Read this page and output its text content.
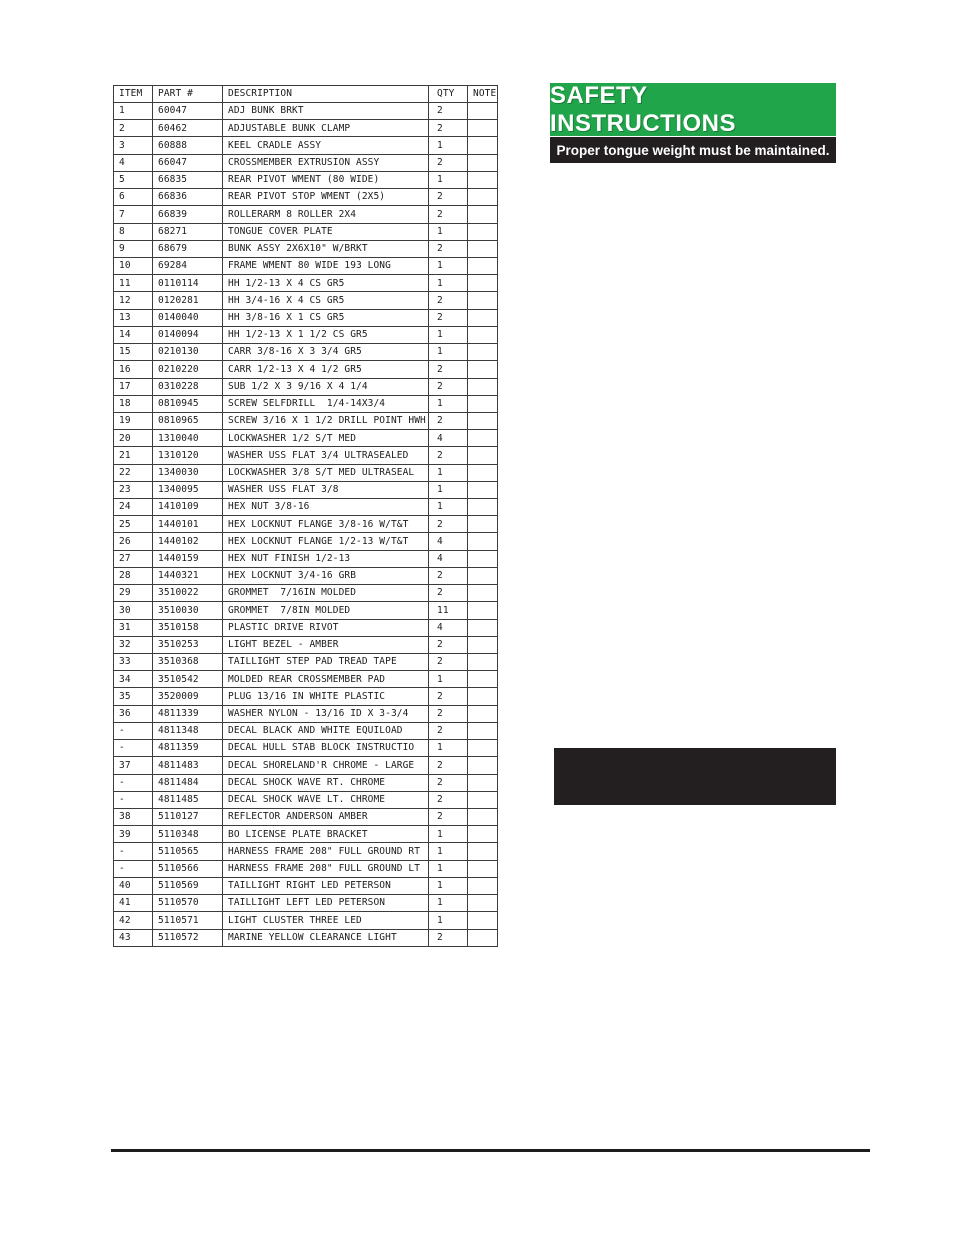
ITEM	PART #	DESCRIPTION	QTY	NOTE
1	60047	ADJ BUNK BRKT	2	
2	60462	ADJUSTABLE BUNK CLAMP	2	
3	60888	KEEL CRADLE ASSY	1	
4	66047	CROSSMEMBER EXTRUSION ASSY	2	
5	66835	REAR PIVOT WMENT (80 WIDE)	1	
6	66836	REAR PIVOT STOP WMENT (2X5)	2	
7	66839	ROLLERARM 8 ROLLER 2X4	2	
8	68271	TONGUE COVER PLATE	1	
9	68679	BUNK ASSY 2X6X10" W/BRKT	2	
10	69284	FRAME WMENT 80 WIDE 193 LONG	1	
11	0110114	HH 1/2-13 X 4 CS GR5	1	
12	0120281	HH 3/4-16 X 4 CS GR5	2	
13	0140040	HH 3/8-16 X 1 CS GR5	2	
14	0140094	HH 1/2-13 X 1 1/2 CS GR5	1	
15	0210130	CARR 3/8-16 X 3 3/4 GR5	1	
16	0210220	CARR 1/2-13 X 4 1/2 GR5	2	
17	0310228	SUB 1/2 X 3 9/16 X 4 1/4	2	
18	0810945	SCREW SELFDRILL  1/4-14X3/4	1	
19	0810965	SCREW 3/16 X 1 1/2 DRILL POINT HWH	2	
20	1310040	LOCKWASHER 1/2 S/T MED	4	
21	1310120	WASHER USS FLAT 3/4 ULTRASEALED	2	
22	1340030	LOCKWASHER 3/8 S/T MED ULTRASEAL	1	
23	1340095	WASHER USS FLAT 3/8	1	
24	1410109	HEX NUT 3/8-16	1	
25	1440101	HEX LOCKNUT FLANGE 3/8-16 W/T&T	2	
26	1440102	HEX LOCKNUT FLANGE 1/2-13 W/T&T	4	
27	1440159	HEX NUT FINISH 1/2-13	4	
28	1440321	HEX LOCKNUT 3/4-16 GRB	2	
29	3510022	GROMMET  7/16IN MOLDED	2	
30	3510030	GROMMET  7/8IN MOLDED	11	
31	3510158	PLASTIC DRIVE RIVOT	4	
32	3510253	LIGHT BEZEL - AMBER	2	
33	3510368	TAILLIGHT STEP PAD TREAD TAPE	2	
34	3510542	MOLDED REAR CROSSMEMBER PAD	1	
35	3520009	PLUG 13/16 IN WHITE PLASTIC	2	
36	4811339	WASHER NYLON - 13/16 ID X 3-3/4	2	
-	4811348	DECAL BLACK AND WHITE EQUILOAD	2	
-	4811359	DECAL HULL STAB BLOCK INSTRUCTIO	1	
37	4811483	DECAL SHORELAND'R CHROME - LARGE	2	
-	4811484	DECAL SHOCK WAVE RT. CHROME	2	
-	4811485	DECAL SHOCK WAVE LT. CHROME	2	
38	5110127	REFLECTOR ANDERSON AMBER	2	
39	5110348	BO LICENSE PLATE BRACKET	1	
-	5110565	HARNESS FRAME 208" FULL GROUND RT	1	
-	5110566	HARNESS FRAME 208" FULL GROUND LT	1	
40	5110569	TAILLIGHT RIGHT LED PETERSON	1	
41	5110570	TAILLIGHT LEFT LED PETERSON	1	
42	5110571	LIGHT CLUSTER THREE LED	1	
43	5110572	MARINE YELLOW CLEARANCE LIGHT	2	
SAFETY INSTRUCTIONS
Proper tongue weight must be maintained.
